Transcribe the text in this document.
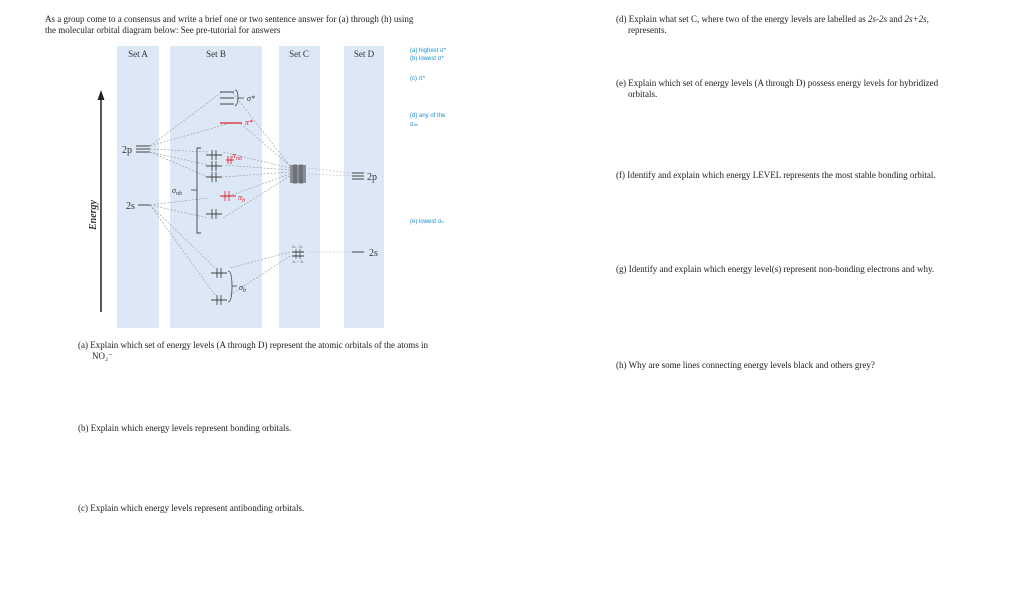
As a group come to a consensus and write a brief one or two sentence answer for (a) through (h) using
the molecular orbital diagram below: See pre-tutorial for answers
Set A	Set B	Set C	Set D
Energy
2p
2s
σ*
π*
$\sigma_{nb}$
$\pi_{nb}$
$\pi_b$
$\sigma_b$
2s - 2s
2s + 2s
2p
2s
(a) highest σ*
(b) lowest σ*
(c) π*
(d) any of the
σₙₖ
(e) lowest σₙ
(a) Explain which set of energy levels (A through D) represent the atomic orbitals of the atoms in
NO₂⁻
(b) Explain which energy levels represent bonding orbitals.
(c) Explain which energy levels represent antibonding orbitals.
(d) Explain what set C, where two of the energy levels are labelled as 2s-2s and 2s+2s,
represents.
(e) Explain which set of energy levels (A through D) possess energy levels for hybridized
orbitals.
(f) Identify and explain which energy LEVEL represents the most stable bonding orbital.
(g) Identify and explain which energy level(s) represent non-bonding electrons and why.
(h) Why are some lines connecting energy levels black and others grey?
